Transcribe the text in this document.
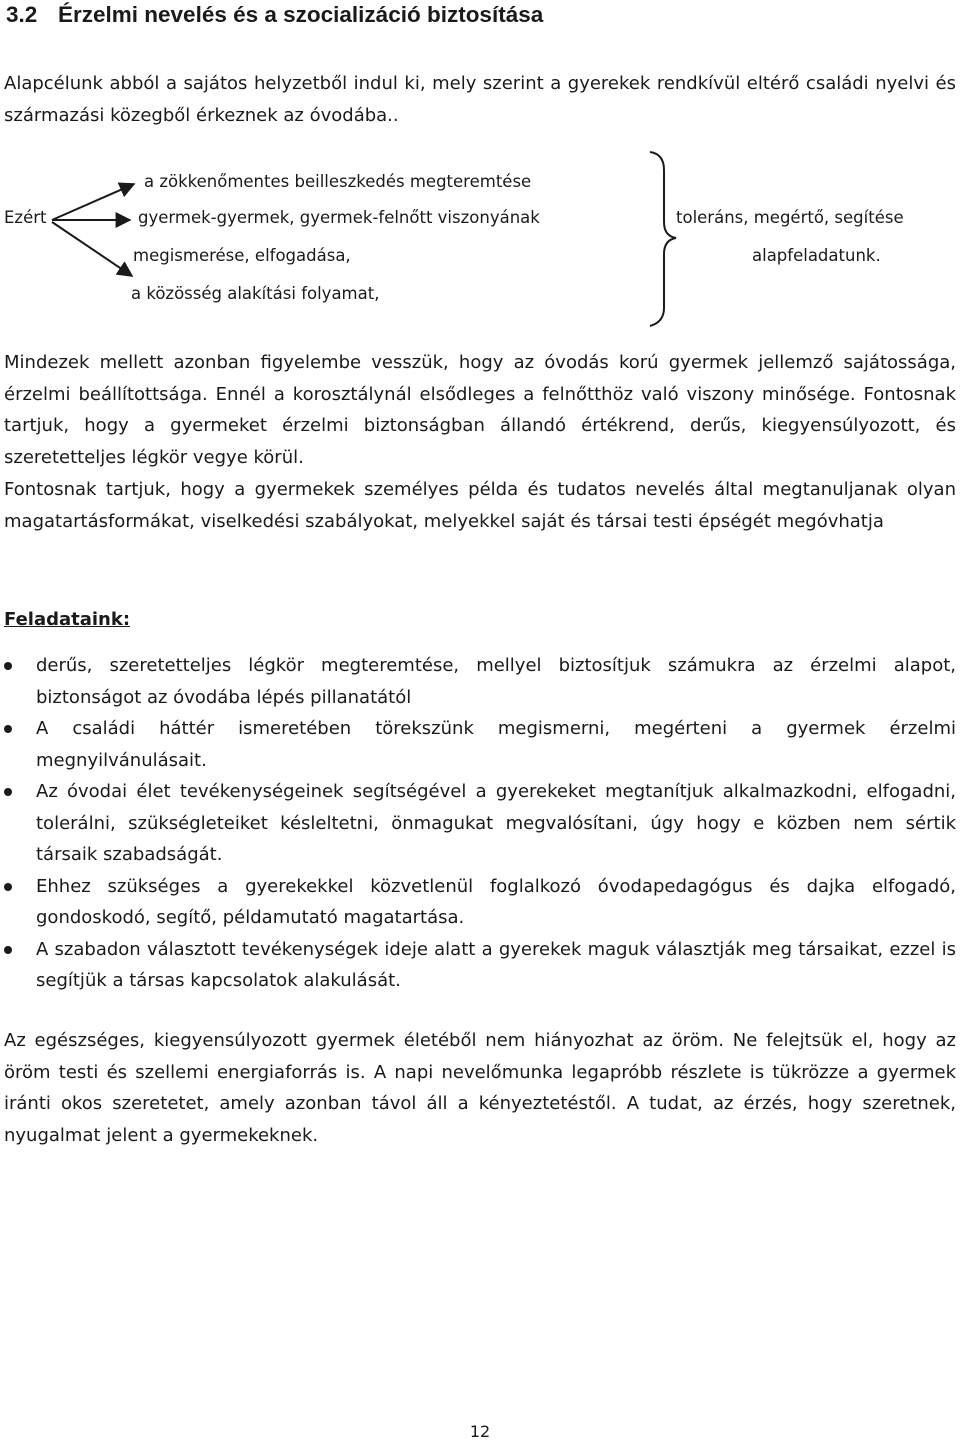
3.2 Érzelmi nevelés és a szocializáció biztosítása
Alapcélunk abból a sajátos helyzetből indul ki, mely szerint a gyerekek rendkívül eltérő családi nyelvi és származási közegből érkeznek az óvodába..
Ezért
a zökkenőmentes beilleszkedés megteremtése
gyermek-gyermek, gyermek-felnőtt viszonyának
megismerése, elfogadása,
a közösség alakítási folyamat,
toleráns, megértő, segítése
alapfeladatunk.
Mindezek mellett azonban figyelembe vesszük, hogy az óvodás korú gyermek jellemző sajátossága, érzelmi beállítottsága. Ennél a korosztálynál elsődleges a felnőtthöz való viszony minősége. Fontosnak tartjuk, hogy a gyermeket érzelmi biztonságban állandó értékrend, derűs, kiegyensúlyozott, és szeretetteljes légkör vegye körül.
Fontosnak tartjuk, hogy a gyermekek személyes példa és tudatos nevelés által megtanuljanak olyan magatartásformákat, viselkedési szabályokat, melyekkel saját és társai testi épségét megóvhatja
Feladataink:
derűs, szeretetteljes légkör megteremtése, mellyel biztosítjuk számukra az érzelmi alapot, biztonságot az óvodába lépés pillanatától
A családi háttér ismeretében törekszünk megismerni, megérteni a gyermek érzelmi megnyilvánulásait.
Az óvodai élet tevékenységeinek segítségével a gyerekeket megtanítjuk alkalmazkodni, elfogadni, tolerálni, szükségleteiket késleltetni, önmagukat megvalósítani, úgy hogy e közben nem sértik társaik szabadságát.
Ehhez szükséges a gyerekekkel közvetlenül foglalkozó óvodapedagógus és dajka elfogadó, gondoskodó, segítő, példamutató magatartása.
A szabadon választott tevékenységek ideje alatt a gyerekek maguk választják meg társaikat, ezzel is segítjük a társas kapcsolatok alakulását.
Az egészséges, kiegyensúlyozott gyermek életéből nem hiányozhat az öröm. Ne felejtsük el, hogy az öröm testi és szellemi energiaforrás is. A napi nevelőmunka legapróbb részlete is tükrözze a gyermek iránti okos szeretetet, amely azonban távol áll a kényeztetéstől. A tudat, az érzés, hogy szeretnek, nyugalmat jelent a gyermekeknek.
12
